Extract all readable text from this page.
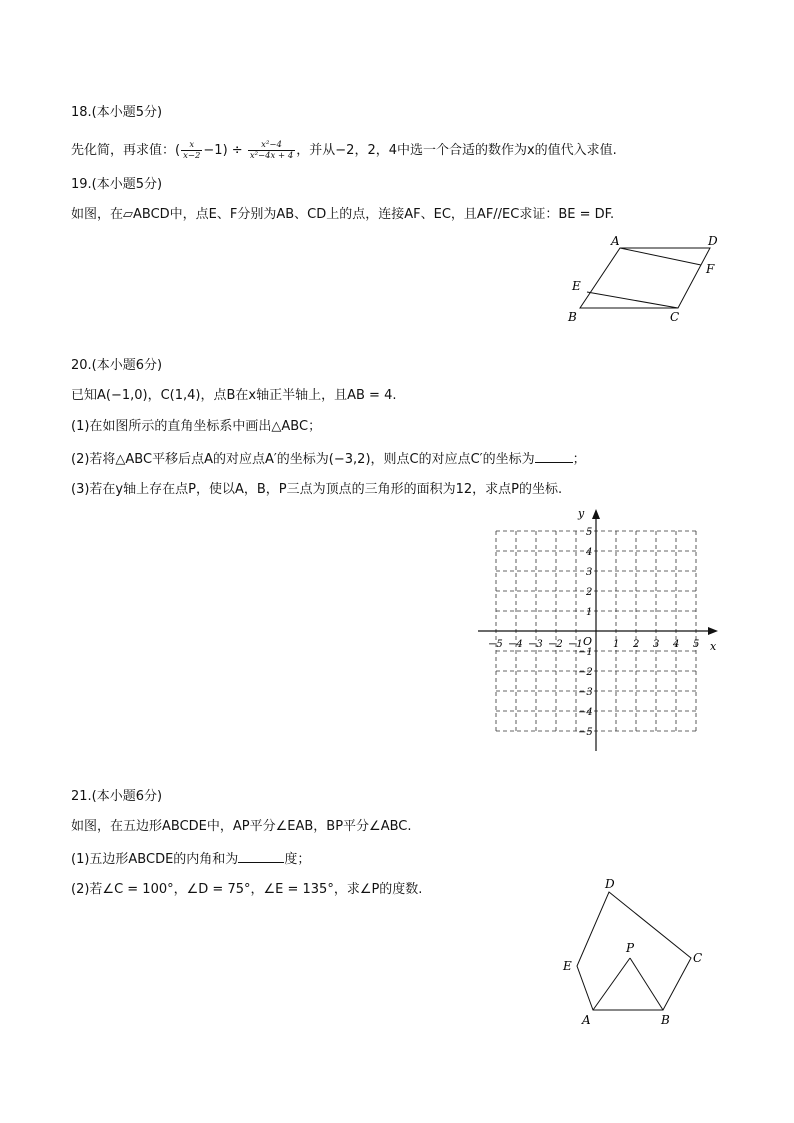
18.(本小题5分)
先化简，再求值：( $\frac{x}{x-2} -1) \div \frac{\text{x²−4}}{\text{x²−4x + 4}}$ ，并从−2，2，4中选一个合适的数作为x的值代入求值.
19.(本小题5分)
如图，在▱ABCD中，点E、F分别为AB、CD上的点，连接AF、EC，且AF//EC求证：BE = DF.
A	D
F
E
B	C
20.(本小题6分)
已知A(−1,0)，C(1,4)，点B在x轴正半轴上，且AB = 4.
(1)在如图所示的直角坐标系中画出△ABC；
(2)若将△ABC平移后点A的对应点A′的坐标为(−3,2)，则点C的对应点C′的坐标为	；
(3)若在y轴上存在点P，使以A，B，P三点为顶点的三角形的面积为12，求点P的坐标.
−5 −4 −3 −2 −1	1 2 3 4 5
5
4
3
2
1
−1
−2
−3
−4
−5
x
y
O
21.(本小题6分)
如图，在五边形ABCDE中，AP平分∠EAB，BP平分∠ABC.
(1)五边形ABCDE的内角和为	度；
(2)若∠C = 100°，∠D = 75°，∠E = 135°，求∠P的度数.	D
P
E
C
A	B
